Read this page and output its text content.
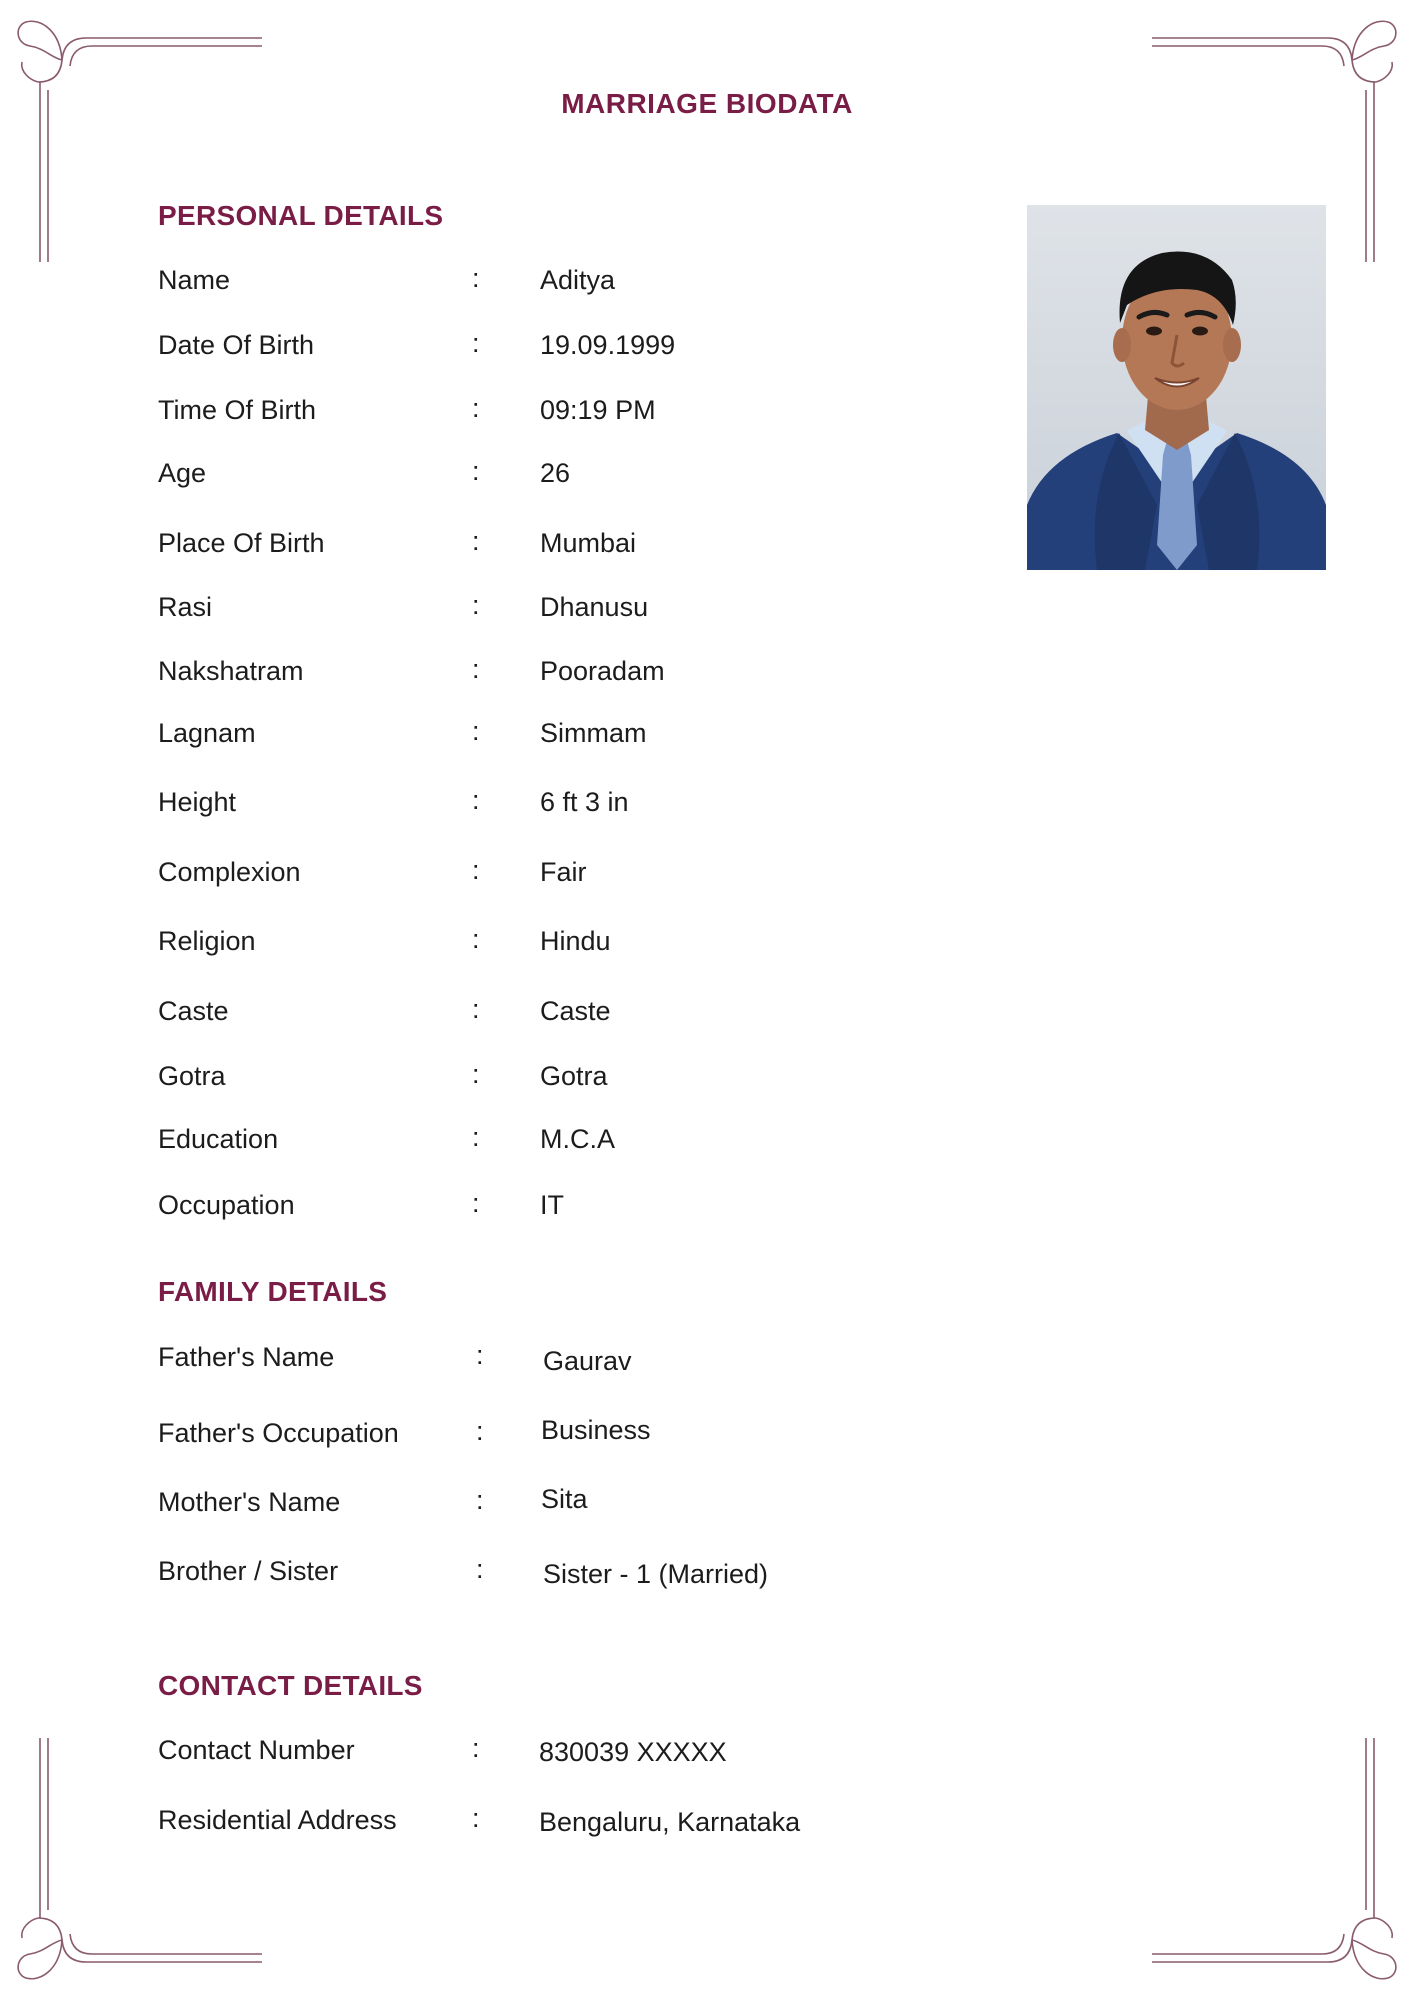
MARRIAGE BIODATA
PERSONAL DETAILS
Name	: Aditya
Date Of Birth	: 19.09.1999
Time Of Birth	: 09:19 PM
Age	: 26
Place Of Birth	: Mumbai
Rasi	: Dhanusu
Nakshatram	: Pooradam
Lagnam	: Simmam
Height	: 6 ft 3 in
Complexion	: Fair
Religion	: Hindu
Caste	: Caste
Gotra	: Gotra
Education	: M.C.A
Occupation	: IT
FAMILY DETAILS
Father's Name	: Gaurav
Father's Occupation	: Business
Mother's Name	: Sita
Brother / Sister	: Sister - 1 (Married)
CONTACT DETAILS
Contact Number	: 830039 XXXXX
Residential Address	: Bengaluru, Karnataka
